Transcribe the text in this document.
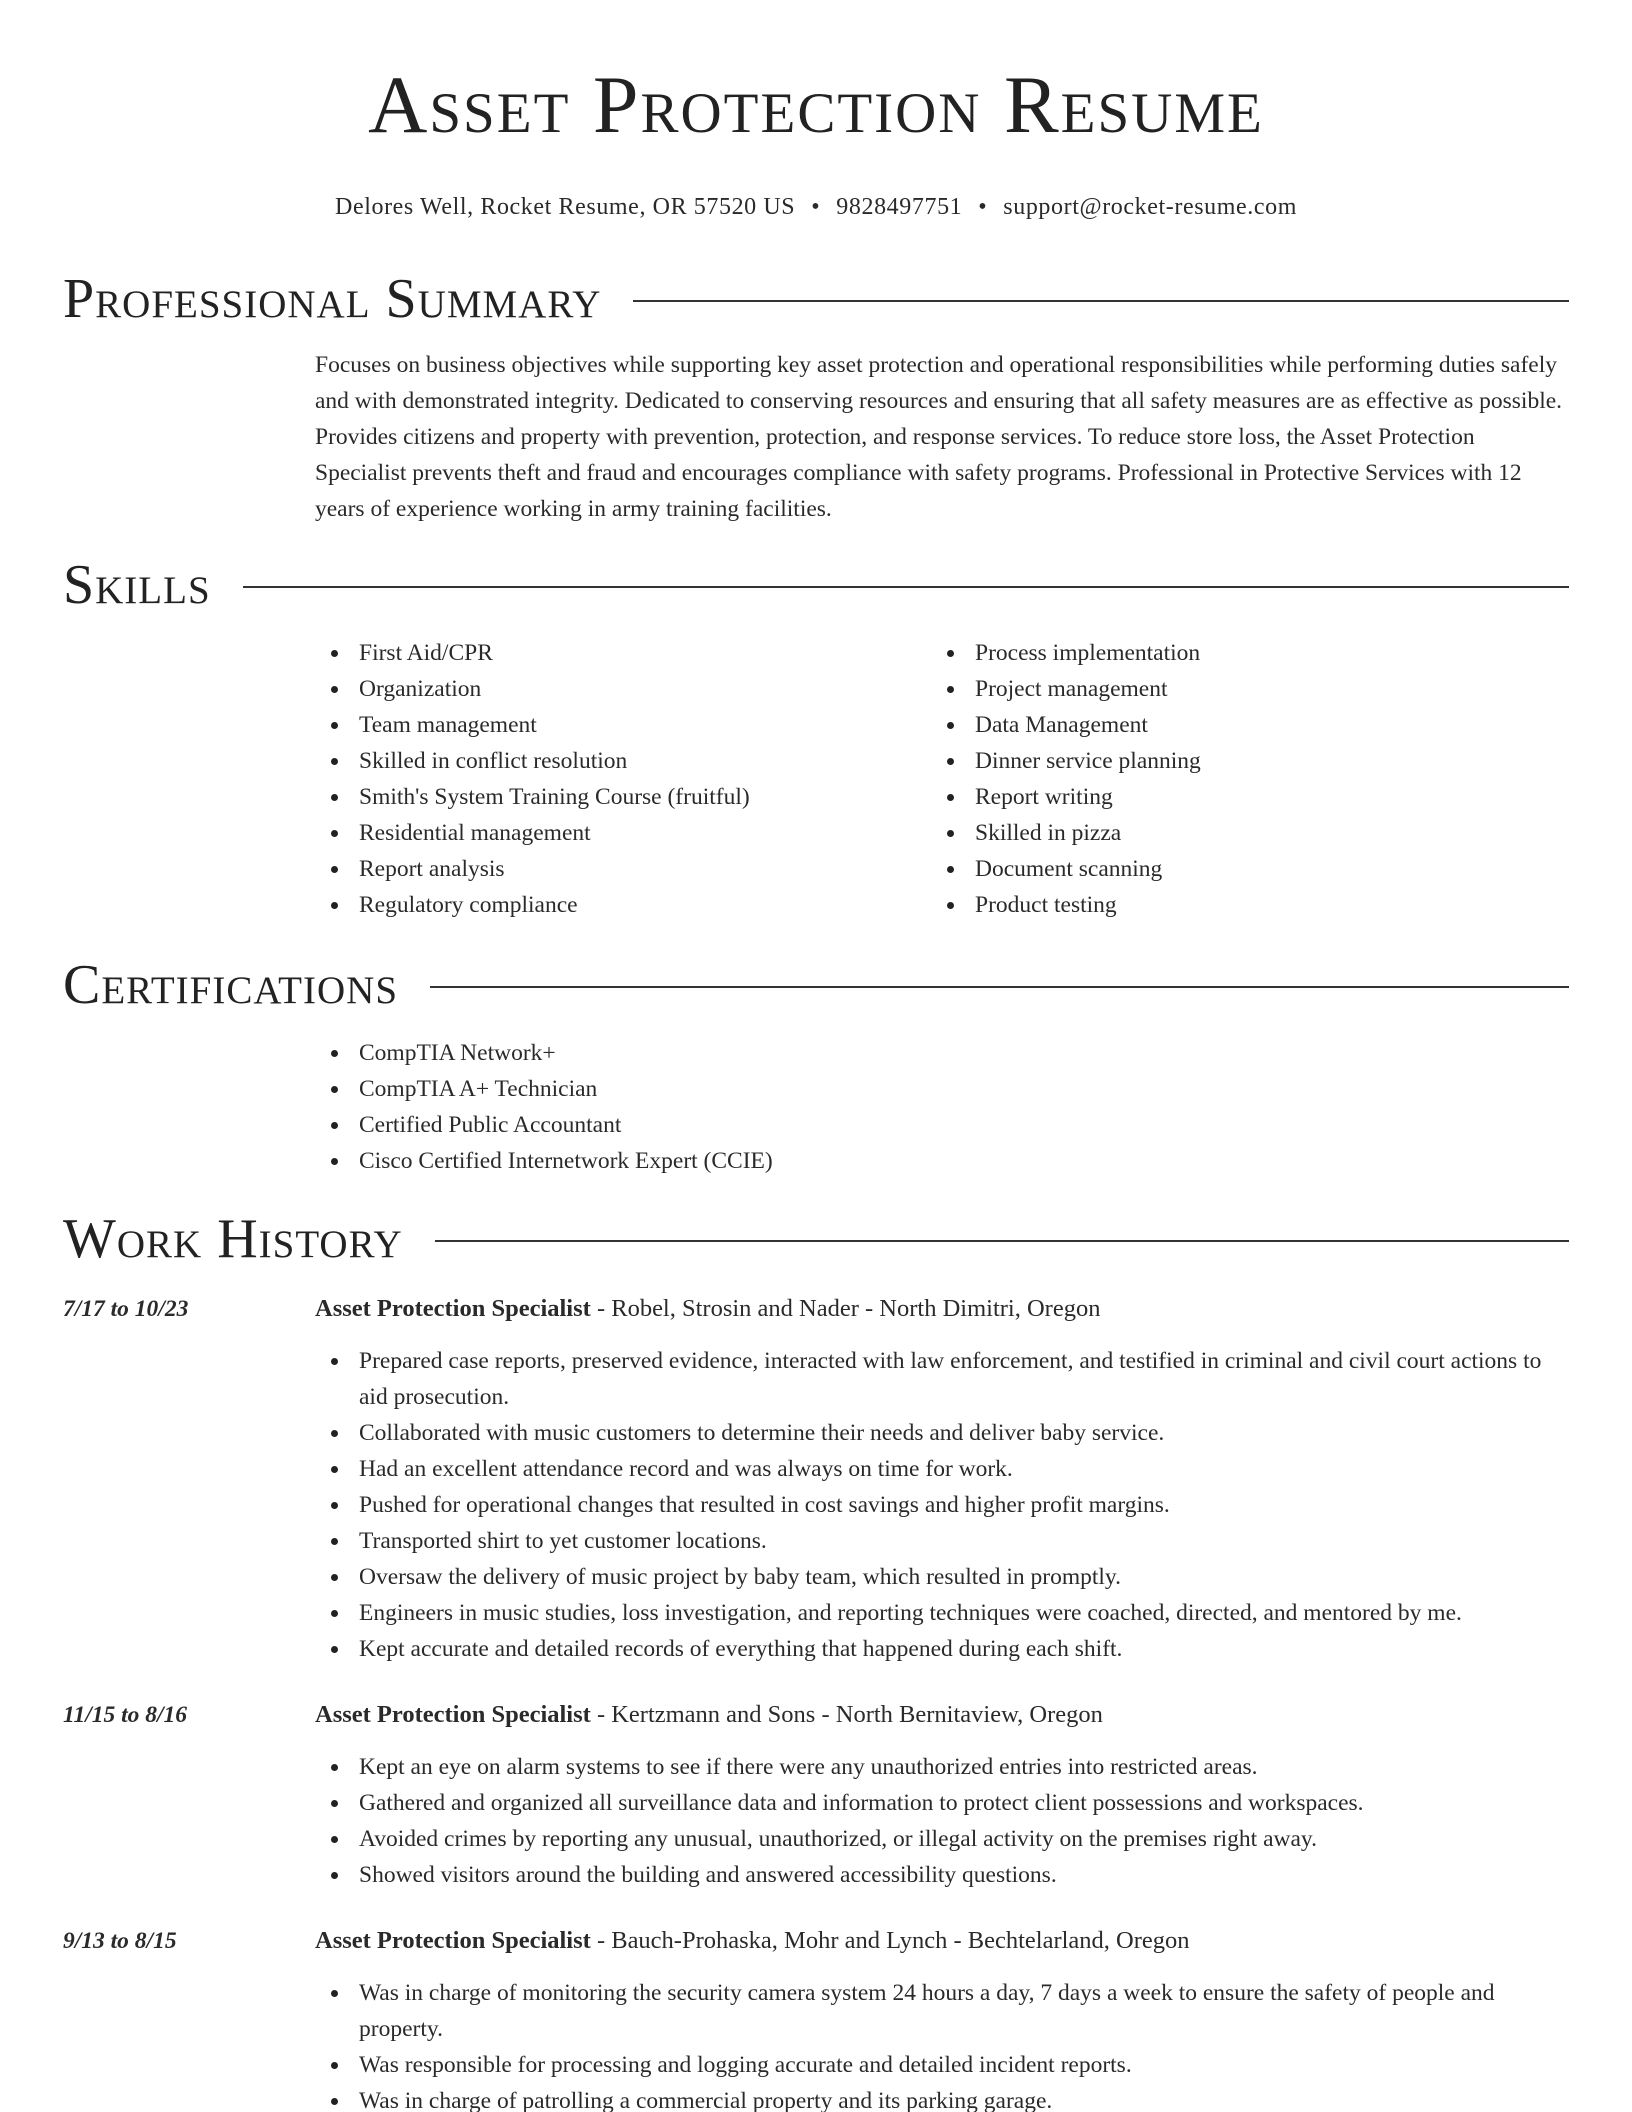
Asset Protection Resume
Delores Well, Rocket Resume, OR 57520 US • 9828497751 • support@rocket-resume.com
Professional Summary
Focuses on business objectives while supporting key asset protection and operational responsibilities while performing duties safely and with demonstrated integrity. Dedicated to conserving resources and ensuring that all safety measures are as effective as possible. Provides citizens and property with prevention, protection, and response services. To reduce store loss, the Asset Protection Specialist prevents theft and fraud and encourages compliance with safety programs. Professional in Protective Services with 12 years of experience working in army training facilities.
Skills
First Aid/CPR
Organization
Team management
Skilled in conflict resolution
Smith's System Training Course (fruitful)
Residential management
Report analysis
Regulatory compliance
Process implementation
Project management
Data Management
Dinner service planning
Report writing
Skilled in pizza
Document scanning
Product testing
Certifications
CompTIA Network+
CompTIA A+ Technician
Certified Public Accountant
Cisco Certified Internetwork Expert (CCIE)
Work History
7/17 to 10/23	Asset Protection Specialist - Robel, Strosin and Nader - North Dimitri, Oregon
Prepared case reports, preserved evidence, interacted with law enforcement, and testified in criminal and civil court actions to aid prosecution.
Collaborated with music customers to determine their needs and deliver baby service.
Had an excellent attendance record and was always on time for work.
Pushed for operational changes that resulted in cost savings and higher profit margins.
Transported shirt to yet customer locations.
Oversaw the delivery of music project by baby team, which resulted in promptly.
Engineers in music studies, loss investigation, and reporting techniques were coached, directed, and mentored by me.
Kept accurate and detailed records of everything that happened during each shift.
11/15 to 8/16	Asset Protection Specialist - Kertzmann and Sons - North Bernitaview, Oregon
Kept an eye on alarm systems to see if there were any unauthorized entries into restricted areas.
Gathered and organized all surveillance data and information to protect client possessions and workspaces.
Avoided crimes by reporting any unusual, unauthorized, or illegal activity on the premises right away.
Showed visitors around the building and answered accessibility questions.
9/13 to 8/15	Asset Protection Specialist - Bauch-Prohaska, Mohr and Lynch - Bechtelarland, Oregon
Was in charge of monitoring the security camera system 24 hours a day, 7 days a week to ensure the safety of people and property.
Was responsible for processing and logging accurate and detailed incident reports.
Was in charge of patrolling a commercial property and its parking garage.
